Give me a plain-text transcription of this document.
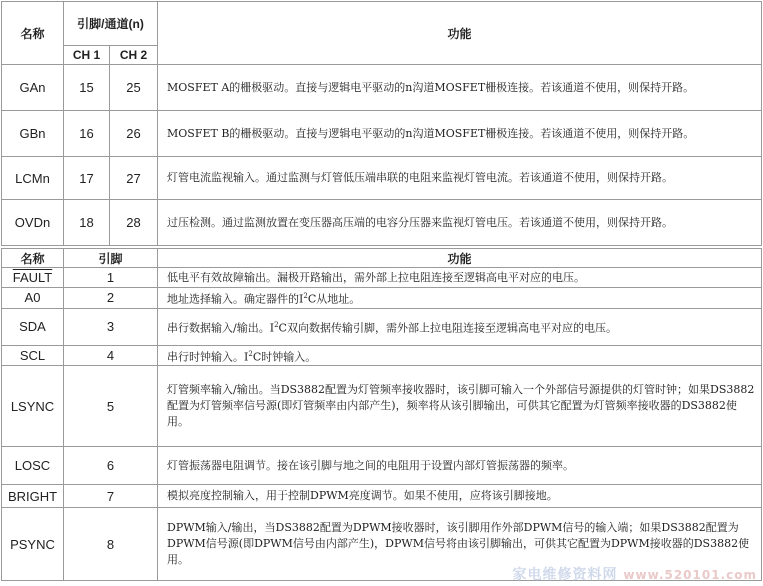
名称	引脚/通道(n)		功能
	CH 1	CH 2	
GAn	15	25	MOSFET A的栅极驱动。直接与逻辑电平驱动的n沟道MOSFET栅极连接。若该通道不使用，则保持开路。
GBn	16	26	MOSFET B的栅极驱动。直接与逻辑电平驱动的n沟道MOSFET栅极连接。若该通道不使用，则保持开路。
LCMn	17	27	灯管电流监视输入。通过监测与灯管低压端串联的电阻来监视灯管电流。若该通道不使用，则保持开路。
OVDn	18	28	过压检测。通过监测放置在变压器高压端的电容分压器来监视灯管电压。若该通道不使用，则保持开路。
名称	引脚	功能
FAULT	1	低电平有效故障输出。漏极开路输出，需外部上拉电阻连接至逻辑高电平对应的电压。
A0	2	地址选择输入。确定器件的$I^2C$从地址。
SDA	3	串行数据输入/输出。$I^2C$双向数据传输引脚，需外部上拉电阻连接至逻辑高电平对应的电压。
SCL	4	串行时钟输入。$I^2C$时钟输入。
LSYNC	5	灯管频率输入/输出。当DS3882配置为灯管频率接收器时，该引脚可输入一个外部信号源提供的灯管时钟；如果DS3882配置为灯管频率信号源(即灯管频率由内部产生)，频率将从该引脚输出，可供其它配置为灯管频率接收器的DS3882使用。
LOSC	6	灯管振荡器电阻调节。接在该引脚与地之间的电阻用于设置内部灯管振荡器的频率。
BRIGHT	7	模拟亮度控制输入，用于控制DPWM亮度调节。如果不使用，应将该引脚接地。
PSYNC	8	DPWM输入/输出，当DS3882配置为DPWM接收器时，该引脚用作外部DPWM信号的输入端；如果DS3882配置为DPWM信号源(即DPWM信号由内部产生)，DPWM信号将由该引脚输出，可供其它配置为DPWM接收器的DS3882使用。
家电维修资料网 www.520101.com
